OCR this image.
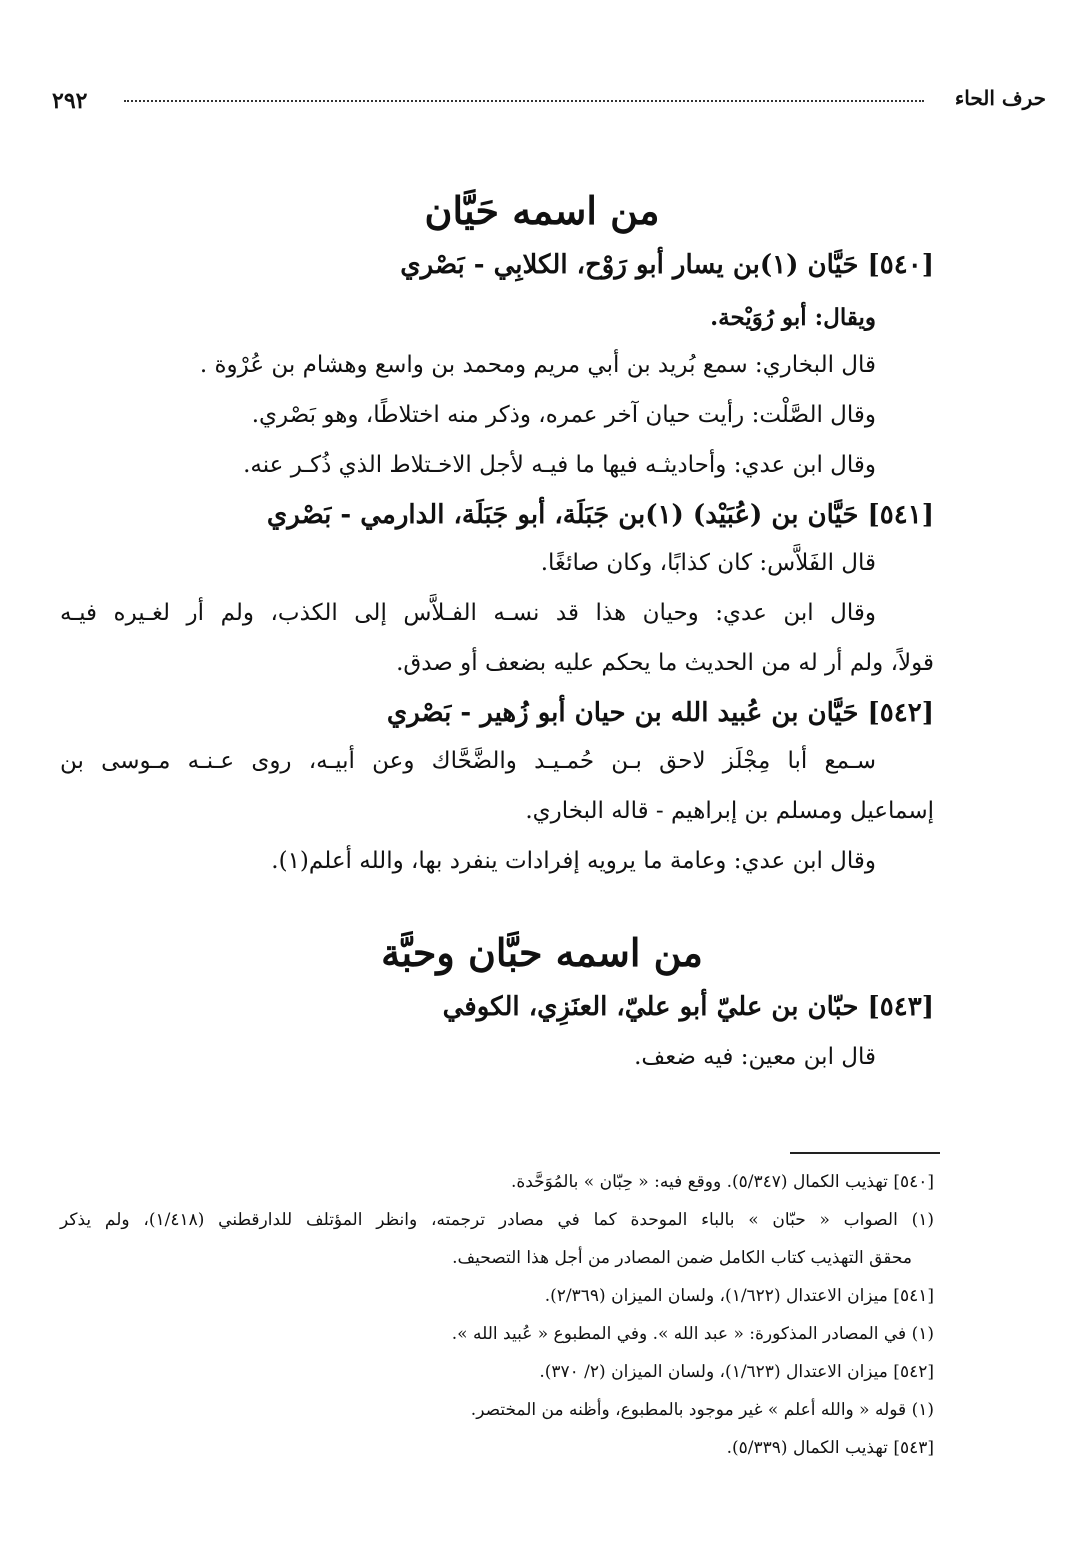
حرف الحاء
٢٩٢
من اسمه حَيَّان
[٥٤٠] حَيَّان (١)بن يسار أبو رَوْح، الكلابِي - بَصْري
ويقال: أبو رُوَيْحة.
قال البخاري: سمع بُريد بن أبي مريم ومحمد بن واسع وهشام بن عُرْوة .
وقال الصَّلْت: رأيت حيان آخر عمره، وذكر منه اختلاطًا، وهو بَصْري.
وقال ابن عدي: وأحاديثـه فيها ما فيـه لأجل الاخـتلاط الذي ذُكـر عنه.
[٥٤١] حَيَّان بن (عُبَيْد) (١)بن جَبَلَة، أبو جَبَلَة، الدارمي - بَصْري
قال الفَلاَّس: كان كذابًا، وكان صائغًا.
وقال ابن عدي: وحيان هذا قد نسـه الفـلاَّس إلى الكذب، ولم أر لغـيره فيـه
قولاً، ولم أر له من الحديث ما يحكم عليه بضعف أو صدق.
[٥٤٢] حَيَّان بن عُبيد الله بن حيان أبو زُهير - بَصْري
سـمع أبا مِجْلَز لاحق بـن حُمـيـد والضَّحَّاك وعن أبيـه، روى عـنـه مـوسى بن
إسماعيل ومسلم بن إبراهيم - قاله البخاري.
وقال ابن عدي: وعامة ما يرويه إفرادات ينفرد بها، والله أعلم(١).
من اسمه حبَّان وحبَّة
[٥٤٣] حبّان بن عليّ أبو عليّ، العنَزِي، الكوفي
قال ابن معين: فيه ضعف.
[٥٤٠] تهذيب الكمال (٥/٣٤٧). ووقع فيه: « حِبّان » بالمُوَحَّدة.
(١) الصواب « حبّان » بالباء الموحدة كما في مصادر ترجمته، وانظر المؤتلف للدارقطني (١/٤١٨)، ولم يذكر
محقق التهذيب كتاب الكامل ضمن المصادر من أجل هذا التصحيف.
[٥٤١] ميزان الاعتدال (١/٦٢٢)، ولسان الميزان (٢/٣٦٩).
(١) في المصادر المذكورة: « عبد الله ». وفي المطبوع « عُبيد الله ».
[٥٤٢] ميزان الاعتدال (١/٦٢٣)، ولسان الميزان (٢/ ٣٧٠).
(١) قوله « والله أعلم » غير موجود بالمطبوع، وأظنه من المختصر.
[٥٤٣] تهذيب الكمال (٥/٣٣٩).
